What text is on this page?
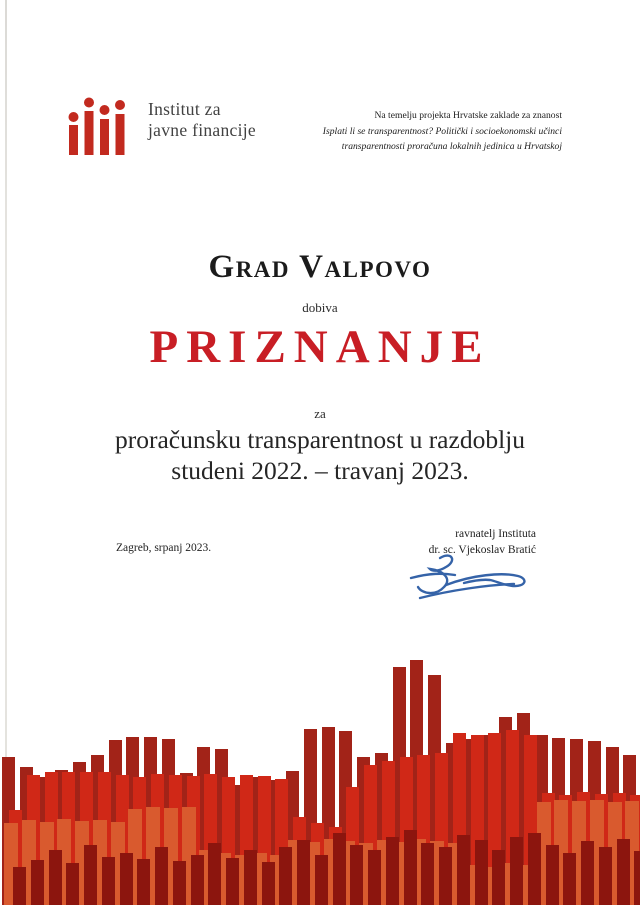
Institut za
javne financije
Na temelju projekta Hrvatske zaklade za znanost
Isplati li se transparentnost? Politički i socioekonomski učinci
transparentnosti proračuna lokalnih jedinica u Hrvatskoj
Grad Valpovo
dobiva
PRIZNANJE
za
proračunsku transparentnost u razdoblju
studeni 2022. – travanj 2023.
Zagreb, srpanj 2023.
ravnatelj Instituta
dr. sc. Vjekoslav Bratić
